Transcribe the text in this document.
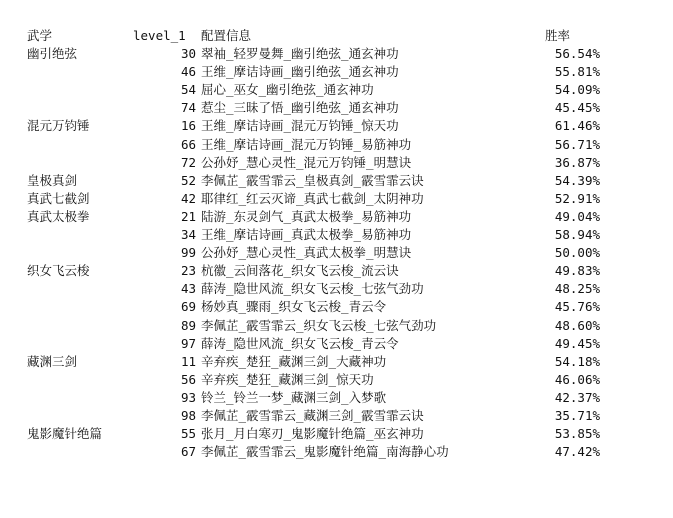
武学	level_1 配置信息	胜率
幽引绝弦	30 翠袖_轻罗曼舞_幽引绝弦_通玄神功	56.54%
46 王维_摩诘诗画_幽引绝弦_通玄神功	55.81%
54 屈心_巫女_幽引绝弦_通玄神功	54.09%
74 惹尘_三昧了悟_幽引绝弦_通玄神功	45.45%
混元万钧锤	16 王维_摩诘诗画_混元万钧锤_惊天功	61.46%
66 王维_摩诘诗画_混元万钧锤_易筋神功	56.71%
72 公孙妤_慧心灵性_混元万钧锤_明慧诀	36.87%
皇极真剑	52 李佩芷_霰雪霏云_皇极真剑_霰雪霏云诀	54.39%
真武七截剑	42 耶律红_红云灭谛_真武七截剑_太阴神功	52.91%
真武太极拳	21 陆游_东灵剑气_真武太极拳_易筋神功	49.04%
34 王维_摩诘诗画_真武太极拳_易筋神功	58.94%
99 公孙妤_慧心灵性_真武太极拳_明慧诀	50.00%
织女飞云梭	23 杭徽_云间落花_织女飞云梭_流云诀	49.83%
43 薛涛_隐世风流_织女飞云梭_七弦气劲功	48.25%
69 杨妙真_骤雨_织女飞云梭_青云令	45.76%
89 李佩芷_霰雪霏云_织女飞云梭_七弦气劲功	48.60%
97 薛涛_隐世风流_织女飞云梭_青云令	49.45%
藏渊三剑	11 辛弃疾_楚狂_藏渊三剑_大藏神功	54.18%
56 辛弃疾_楚狂_藏渊三剑_惊天功	46.06%
93 铃兰_铃兰一梦_藏渊三剑_入梦歌	42.37%
98 李佩芷_霰雪霏云_藏渊三剑_霰雪霏云诀	35.71%
鬼影魔针绝篇	55 张月_月白寒刃_鬼影魔针绝篇_巫玄神功	53.85%
67 李佩芷_霰雪霏云_鬼影魔针绝篇_南海静心功	47.42%
